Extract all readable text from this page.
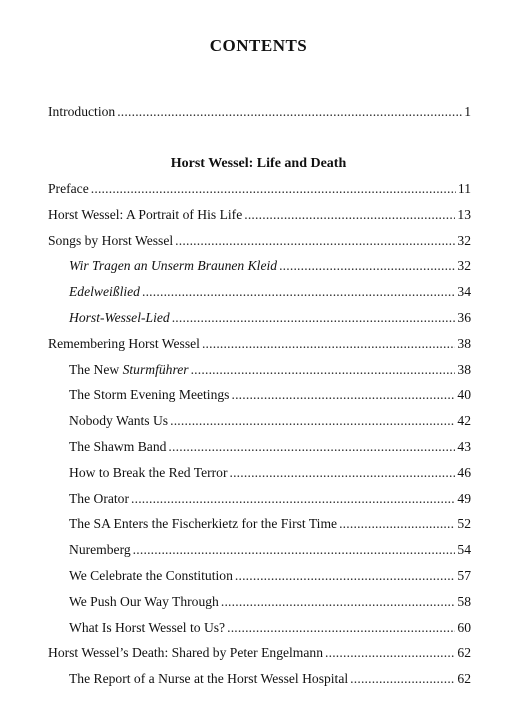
CONTENTS
Introduction .....	1
Horst Wessel: Life and Death
Preface .....	11
Horst Wessel: A Portrait of His Life .....	13
Songs by Horst Wessel .....	32
Wir Tragen an Unserm Braunen Kleid .....	32
Edelweißlied .....	34
Horst-Wessel-Lied .....	36
Remembering Horst Wessel .....	38
The New Sturmführer .....	38
The Storm Evening Meetings .....	40
Nobody Wants Us .....	42
The Shawm Band .....	43
How to Break the Red Terror .....	46
The Orator .....	49
The SA Enters the Fischerkietz for the First Time .....	52
Nuremberg .....	54
We Celebrate the Constitution .....	57
We Push Our Way Through .....	58
What Is Horst Wessel to Us? .....	60
Horst Wessel’s Death: Shared by Peter Engelmann .....	62
The Report of a Nurse at the Horst Wessel Hospital .....	62
